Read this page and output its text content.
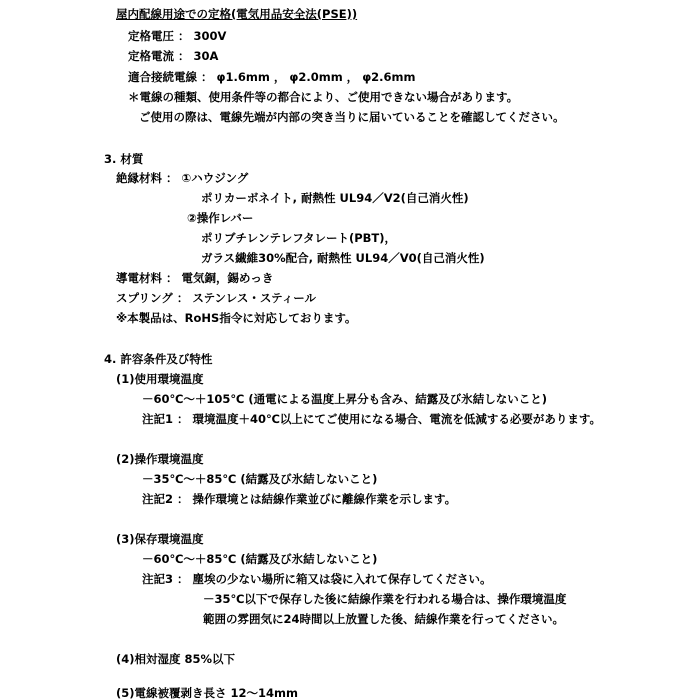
屋内配線用途での定格(電気用品安全法(PSE))
定格電圧 ： 300V
定格電流 ： 30A
適合接続電線 ： φ1.6mm ， φ2.0mm ， φ2.6mm
＊電線の種類、使用条件等の都合により、ご使用できない場合があります。
ご使用の際は、電線先端が内部の突き当りに届いていることを確認してください。
3. 材質
絶縁材料 ： ①ハウジング
ポリカーボネイト, 耐熱性 UL94／V2(自己消火性)
②操作レバー
ポリブチレンテレフタレート(PBT)，
ガラス繊維30%配合, 耐熱性 UL94／V0(自己消火性)
導電材料 ： 電気銅，錫めっき
スプリング ： ステンレス・スティール
※本製品は、RoHS指令に対応しております。
4. 許容条件及び特性
(1)使用環境温度
－60℃～＋105℃ (通電による温度上昇分も含み、結露及び氷結しないこと)
注記1 ： 環境温度＋40℃以上にてご使用になる場合、電流を低減する必要があります。
(2)操作環境温度
－35℃～＋85℃ (結露及び氷結しないこと)
注記2 ： 操作環境とは結線作業並びに離線作業を示します。
(3)保存環境温度
－60℃～＋85℃ (結露及び氷結しないこと)
注記3 ： 塵埃の少ない場所に箱又は袋に入れて保存してください。
－35℃以下で保存した後に結線作業を行われる場合は、操作環境温度
範囲の雰囲気に24時間以上放置した後、結線作業を行ってください。
(4)相対湿度 85%以下
(5)電線被覆剥き長さ 12～14mm
